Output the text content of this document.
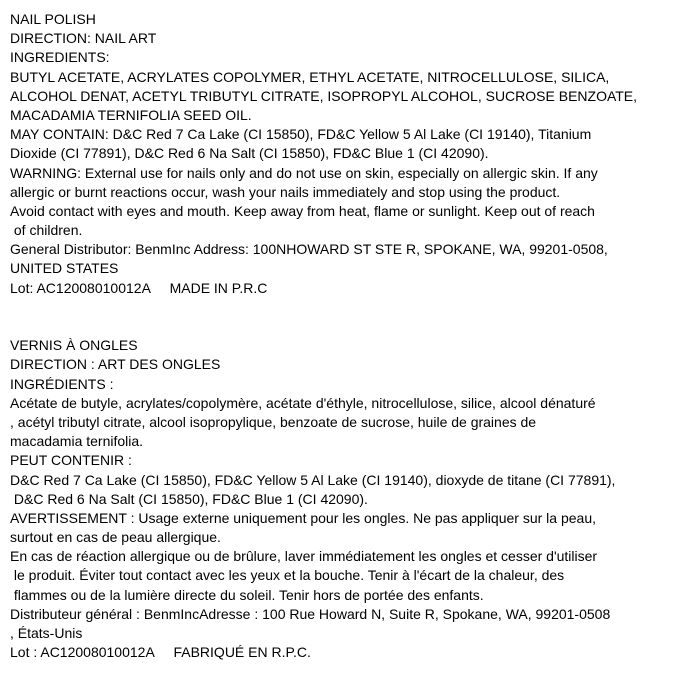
NAIL POLISH
DIRECTION: NAIL ART
INGREDIENTS:
BUTYL ACETATE, ACRYLATES COPOLYMER, ETHYL ACETATE, NITROCELLULOSE, SILICA,
ALCOHOL DENAT, ACETYL TRIBUTYL CITRATE, ISOPROPYL ALCOHOL, SUCROSE BENZOATE,
MACADAMIA TERNIFOLIA SEED OIL.
MAY CONTAIN: D&C Red 7 Ca Lake (CI 15850), FD&C Yellow 5 Al Lake (CI 19140), Titanium
Dioxide (CI 77891), D&C Red 6 Na Salt (CI 15850), FD&C Blue 1 (CI 42090).
WARNING: External use for nails only and do not use on skin, especially on allergic skin. If any
allergic or burnt reactions occur, wash your nails immediately and stop using the product.
Avoid contact with eyes and mouth. Keep away from heat, flame or sunlight. Keep out of reach
of children.
General Distributor: BenmInc Address: 100NHOWARD ST STE R, SPOKANE, WA, 99201-0508,
UNITED STATES
Lot: AC12008010012A     MADE IN P.R.C
VERNIS À ONGLES
DIRECTION : ART DES ONGLES
INGRÉDIENTS :
Acétate de butyle, acrylates/copolymère, acétate d'éthyle, nitrocellulose, silice, alcool dénaturé
, acétyl tributyl citrate, alcool isopropylique, benzoate de sucrose, huile de graines de
macadamia ternifolia.
PEUT CONTENIR :
D&C Red 7 Ca Lake (CI 15850), FD&C Yellow 5 Al Lake (CI 19140), dioxyde de titane (CI 77891),
D&C Red 6 Na Salt (CI 15850), FD&C Blue 1 (CI 42090).
AVERTISSEMENT : Usage externe uniquement pour les ongles. Ne pas appliquer sur la peau,
surtout en cas de peau allergique.
En cas de réaction allergique ou de brûlure, laver immédiatement les ongles et cesser d'utiliser
le produit. Éviter tout contact avec les yeux et la bouche. Tenir à l'écart de la chaleur, des
flammes ou de la lumière directe du soleil. Tenir hors de portée des enfants.
Distributeur général : BenmIncAdresse : 100 Rue Howard N, Suite R, Spokane, WA, 99201-0508
, États-Unis
Lot : AC12008010012A     FABRIQUÉ EN R.P.C.
